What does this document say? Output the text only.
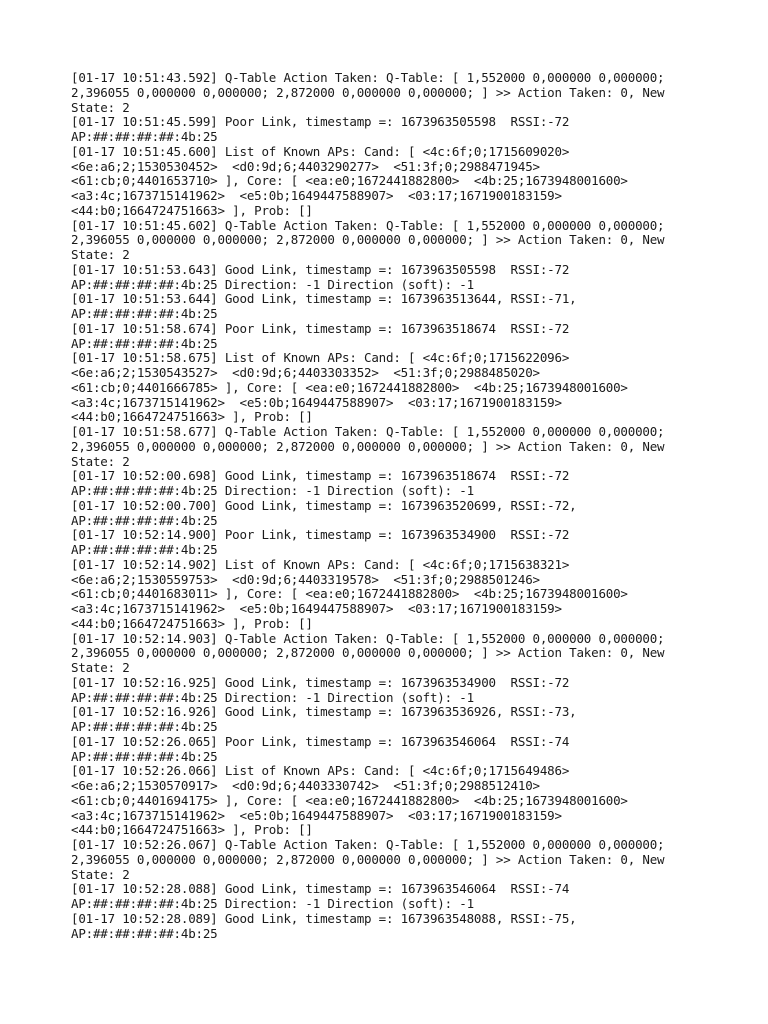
[01-17 10:51:43.592] Q-Table Action Taken: Q-Table: [ 1,552000 0,000000 0,000000;
2,396055 0,000000 0,000000; 2,872000 0,000000 0,000000; ] >> Action Taken: 0, New
State: 2
[01-17 10:51:45.599] Poor Link, timestamp =: 1673963505598  RSSI:-72
AP:##:##:##:##:4b:25
[01-17 10:51:45.600] List of Known APs: Cand: [ <4c:6f;0;1715609020>
<6e:a6;2;1530530452>  <d0:9d;6;4403290277>  <51:3f;0;2988471945>
<61:cb;0;4401653710> ], Core: [ <ea:e0;1672441882800>  <4b:25;1673948001600>
<a3:4c;1673715141962>  <e5:0b;1649447588907>  <03:17;1671900183159>
<44:b0;1664724751663> ], Prob: []
[01-17 10:51:45.602] Q-Table Action Taken: Q-Table: [ 1,552000 0,000000 0,000000;
2,396055 0,000000 0,000000; 2,872000 0,000000 0,000000; ] >> Action Taken: 0, New
State: 2
[01-17 10:51:53.643] Good Link, timestamp =: 1673963505598  RSSI:-72
AP:##:##:##:##:4b:25 Direction: -1 Direction (soft): -1
[01-17 10:51:53.644] Good Link, timestamp =: 1673963513644, RSSI:-71,
AP:##:##:##:##:4b:25
[01-17 10:51:58.674] Poor Link, timestamp =: 1673963518674  RSSI:-72
AP:##:##:##:##:4b:25
[01-17 10:51:58.675] List of Known APs: Cand: [ <4c:6f;0;1715622096>
<6e:a6;2;1530543527>  <d0:9d;6;4403303352>  <51:3f;0;2988485020>
<61:cb;0;4401666785> ], Core: [ <ea:e0;1672441882800>  <4b:25;1673948001600>
<a3:4c;1673715141962>  <e5:0b;1649447588907>  <03:17;1671900183159>
<44:b0;1664724751663> ], Prob: []
[01-17 10:51:58.677] Q-Table Action Taken: Q-Table: [ 1,552000 0,000000 0,000000;
2,396055 0,000000 0,000000; 2,872000 0,000000 0,000000; ] >> Action Taken: 0, New
State: 2
[01-17 10:52:00.698] Good Link, timestamp =: 1673963518674  RSSI:-72
AP:##:##:##:##:4b:25 Direction: -1 Direction (soft): -1
[01-17 10:52:00.700] Good Link, timestamp =: 1673963520699, RSSI:-72,
AP:##:##:##:##:4b:25
[01-17 10:52:14.900] Poor Link, timestamp =: 1673963534900  RSSI:-72
AP:##:##:##:##:4b:25
[01-17 10:52:14.902] List of Known APs: Cand: [ <4c:6f;0;1715638321>
<6e:a6;2;1530559753>  <d0:9d;6;4403319578>  <51:3f;0;2988501246>
<61:cb;0;4401683011> ], Core: [ <ea:e0;1672441882800>  <4b:25;1673948001600>
<a3:4c;1673715141962>  <e5:0b;1649447588907>  <03:17;1671900183159>
<44:b0;1664724751663> ], Prob: []
[01-17 10:52:14.903] Q-Table Action Taken: Q-Table: [ 1,552000 0,000000 0,000000;
2,396055 0,000000 0,000000; 2,872000 0,000000 0,000000; ] >> Action Taken: 0, New
State: 2
[01-17 10:52:16.925] Good Link, timestamp =: 1673963534900  RSSI:-72
AP:##:##:##:##:4b:25 Direction: -1 Direction (soft): -1
[01-17 10:52:16.926] Good Link, timestamp =: 1673963536926, RSSI:-73,
AP:##:##:##:##:4b:25
[01-17 10:52:26.065] Poor Link, timestamp =: 1673963546064  RSSI:-74
AP:##:##:##:##:4b:25
[01-17 10:52:26.066] List of Known APs: Cand: [ <4c:6f;0;1715649486>
<6e:a6;2;1530570917>  <d0:9d;6;4403330742>  <51:3f;0;2988512410>
<61:cb;0;4401694175> ], Core: [ <ea:e0;1672441882800>  <4b:25;1673948001600>
<a3:4c;1673715141962>  <e5:0b;1649447588907>  <03:17;1671900183159>
<44:b0;1664724751663> ], Prob: []
[01-17 10:52:26.067] Q-Table Action Taken: Q-Table: [ 1,552000 0,000000 0,000000;
2,396055 0,000000 0,000000; 2,872000 0,000000 0,000000; ] >> Action Taken: 0, New
State: 2
[01-17 10:52:28.088] Good Link, timestamp =: 1673963546064  RSSI:-74
AP:##:##:##:##:4b:25 Direction: -1 Direction (soft): -1
[01-17 10:52:28.089] Good Link, timestamp =: 1673963548088, RSSI:-75,
AP:##:##:##:##:4b:25
